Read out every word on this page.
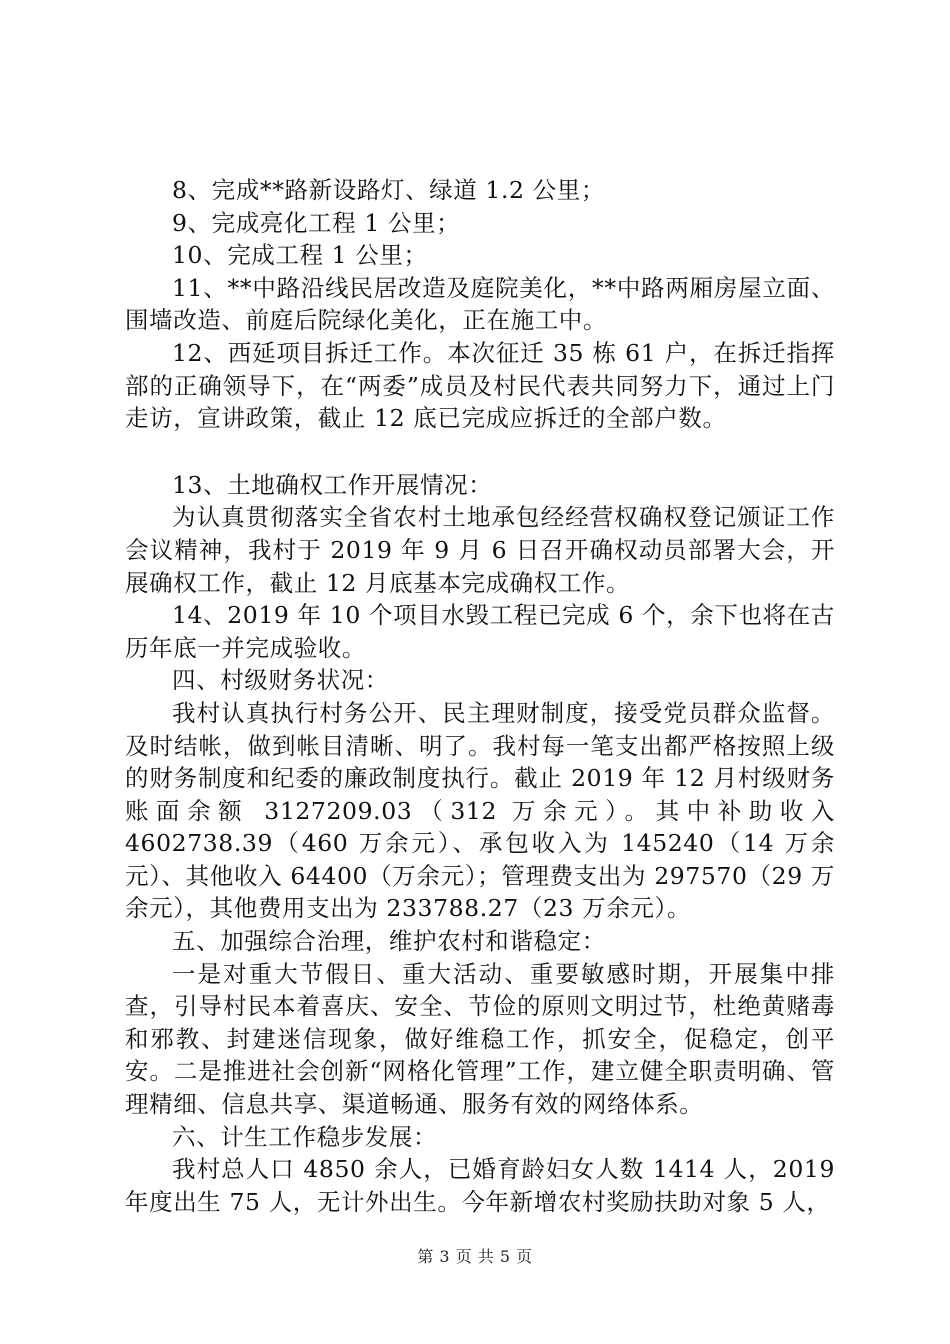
8、完成**路新设路灯、绿道 1.2 公里；

9、完成亮化工程 1 公里；

10、完成工程 1 公里；

11、**中路沿线民居改造及庭院美化，**中路两厢房屋立面、围墙改造、前庭后院绿化美化，正在施工中。

12、西延项目拆迁工作。本次征迁 35 栋 61 户，在拆迁指挥部的正确领导下，在“两委”成员及村民代表共同努力下，通过上门走访，宣讲政策，截止 12 底已完成应拆迁的全部户数。

13、土地确权工作开展情况：

为认真贯彻落实全省农村土地承包经经营权确权登记颁证工作会议精神，我村于 2019 年 9 月 6 日召开确权动员部署大会，开展确权工作，截止 12 月底基本完成确权工作。

14、2019 年 10 个项目水毁工程已完成 6 个，余下也将在古历年底一并完成验收。

四、村级财务状况：

我村认真执行村务公开、民主理财制度，接受党员群众监督。及时结帐，做到帐目清晰、明了。我村每一笔支出都严格按照上级的财务制度和纪委的廉政制度执行。截止 2019 年 12 月村级财务账面余额 3127209.03（312 万余元）。其中补助收入 4602738.39（460 万余元）、承包收入为 145240（14 万余元）、其他收入 64400（万余元）；管理费支出为 297570（29 万余元），其他费用支出为 233788.27（23 万余元）。

五、加强综合治理，维护农村和谐稳定：

一是对重大节假日、重大活动、重要敏感时期，开展集中排查，引导村民本着喜庆、安全、节俭的原则文明过节，杜绝黄赌毒和邪教、封建迷信现象，做好维稳工作，抓安全，促稳定，创平安。二是推进社会创新“网格化管理”工作，建立健全职责明确、管理精细、信息共享、渠道畅通、服务有效的网络体系。

六、计生工作稳步发展：

我村总人口 4850 余人，已婚育龄妇女人数 1414 人，2019 年度出生 75 人，无计外出生。今年新增农村奖励扶助对象 5 人，

第 3 页 共 5 页
